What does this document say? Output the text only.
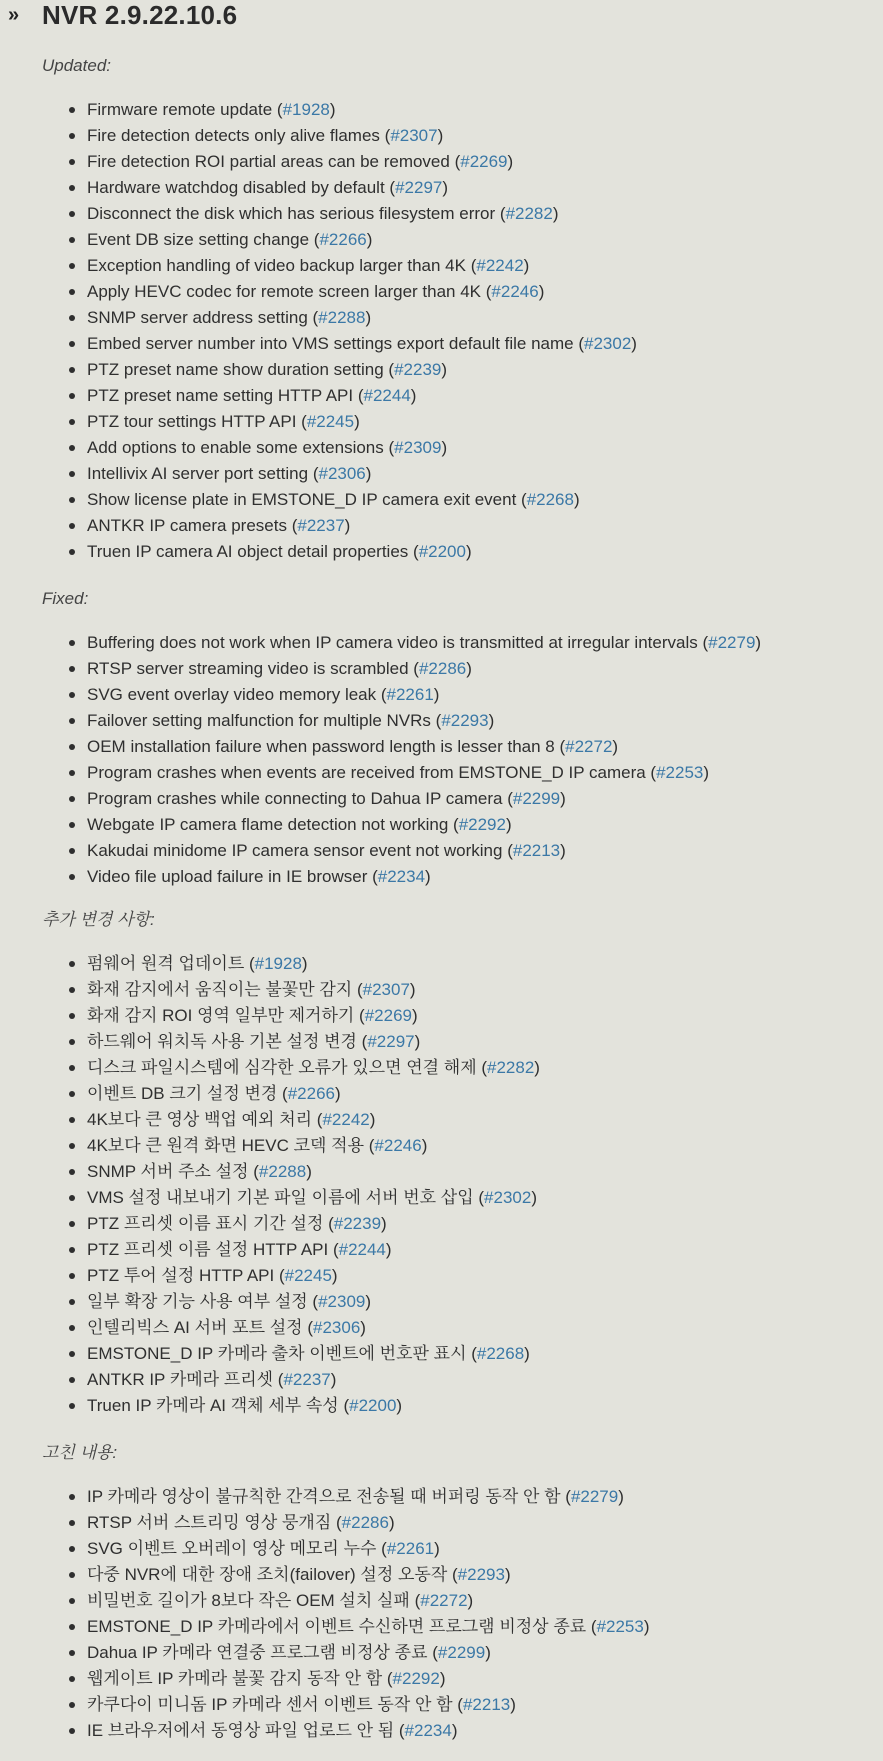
» NVR 2.9.22.10.6

Updated:

Firmware remote update (#1928)
Fire detection detects only alive flames (#2307)
Fire detection ROI partial areas can be removed (#2269)
Hardware watchdog disabled by default (#2297)
Disconnect the disk which has serious filesystem error (#2282)
Event DB size setting change (#2266)
Exception handling of video backup larger than 4K (#2242)
Apply HEVC codec for remote screen larger than 4K (#2246)
SNMP server address setting (#2288)
Embed server number into VMS settings export default file name (#2302)
PTZ preset name show duration setting (#2239)
PTZ preset name setting HTTP API (#2244)
PTZ tour settings HTTP API (#2245)
Add options to enable some extensions (#2309)
Intellivix AI server port setting (#2306)
Show license plate in EMSTONE_D IP camera exit event (#2268)
ANTKR IP camera presets (#2237)
Truen IP camera AI object detail properties (#2200)

Fixed:

Buffering does not work when IP camera video is transmitted at irregular intervals (#2279)
RTSP server streaming video is scrambled (#2286)
SVG event overlay video memory leak (#2261)
Failover setting malfunction for multiple NVRs (#2293)
OEM installation failure when password length is lesser than 8 (#2272)
Program crashes when events are received from EMSTONE_D IP camera (#2253)
Program crashes while connecting to Dahua IP camera (#2299)
Webgate IP camera flame detection not working (#2292)
Kakudai minidome IP camera sensor event not working (#2213)
Video file upload failure in IE browser (#2234)

추가 변경 사항:

펌웨어 원격 업데이트 (#1928)
화재 감지에서 움직이는 불꽃만 감지 (#2307)
화재 감지 ROI 영역 일부만 제거하기 (#2269)
하드웨어 워치독 사용 기본 설정 변경 (#2297)
디스크 파일시스템에 심각한 오류가 있으면 연결 해제 (#2282)
이벤트 DB 크기 설정 변경 (#2266)
4K보다 큰 영상 백업 예외 처리 (#2242)
4K보다 큰 원격 화면 HEVC 코덱 적용 (#2246)
SNMP 서버 주소 설정 (#2288)
VMS 설정 내보내기 기본 파일 이름에 서버 번호 삽입 (#2302)
PTZ 프리셋 이름 표시 기간 설정 (#2239)
PTZ 프리셋 이름 설정 HTTP API (#2244)
PTZ 투어 설정 HTTP API (#2245)
일부 확장 기능 사용 여부 설정 (#2309)
인텔리빅스 AI 서버 포트 설정 (#2306)
EMSTONE_D IP 카메라 출차 이벤트에 번호판 표시 (#2268)
ANTKR IP 카메라 프리셋 (#2237)
Truen IP 카메라 AI 객체 세부 속성 (#2200)

고친 내용:

IP 카메라 영상이 불규칙한 간격으로 전송될 때 버퍼링 동작 안 함 (#2279)
RTSP 서버 스트리밍 영상 뭉개짐 (#2286)
SVG 이벤트 오버레이 영상 메모리 누수 (#2261)
다중 NVR에 대한 장애 조치(failover) 설정 오동작 (#2293)
비밀번호 길이가 8보다 작은 OEM 설치 실패 (#2272)
EMSTONE_D IP 카메라에서 이벤트 수신하면 프로그램 비정상 종료 (#2253)
Dahua IP 카메라 연결중 프로그램 비정상 종료 (#2299)
웹게이트 IP 카메라 불꽃 감지 동작 안 함 (#2292)
카쿠다이 미니돔 IP 카메라 센서 이벤트 동작 안 함 (#2213)
IE 브라우저에서 동영상 파일 업로드 안 됨 (#2234)
